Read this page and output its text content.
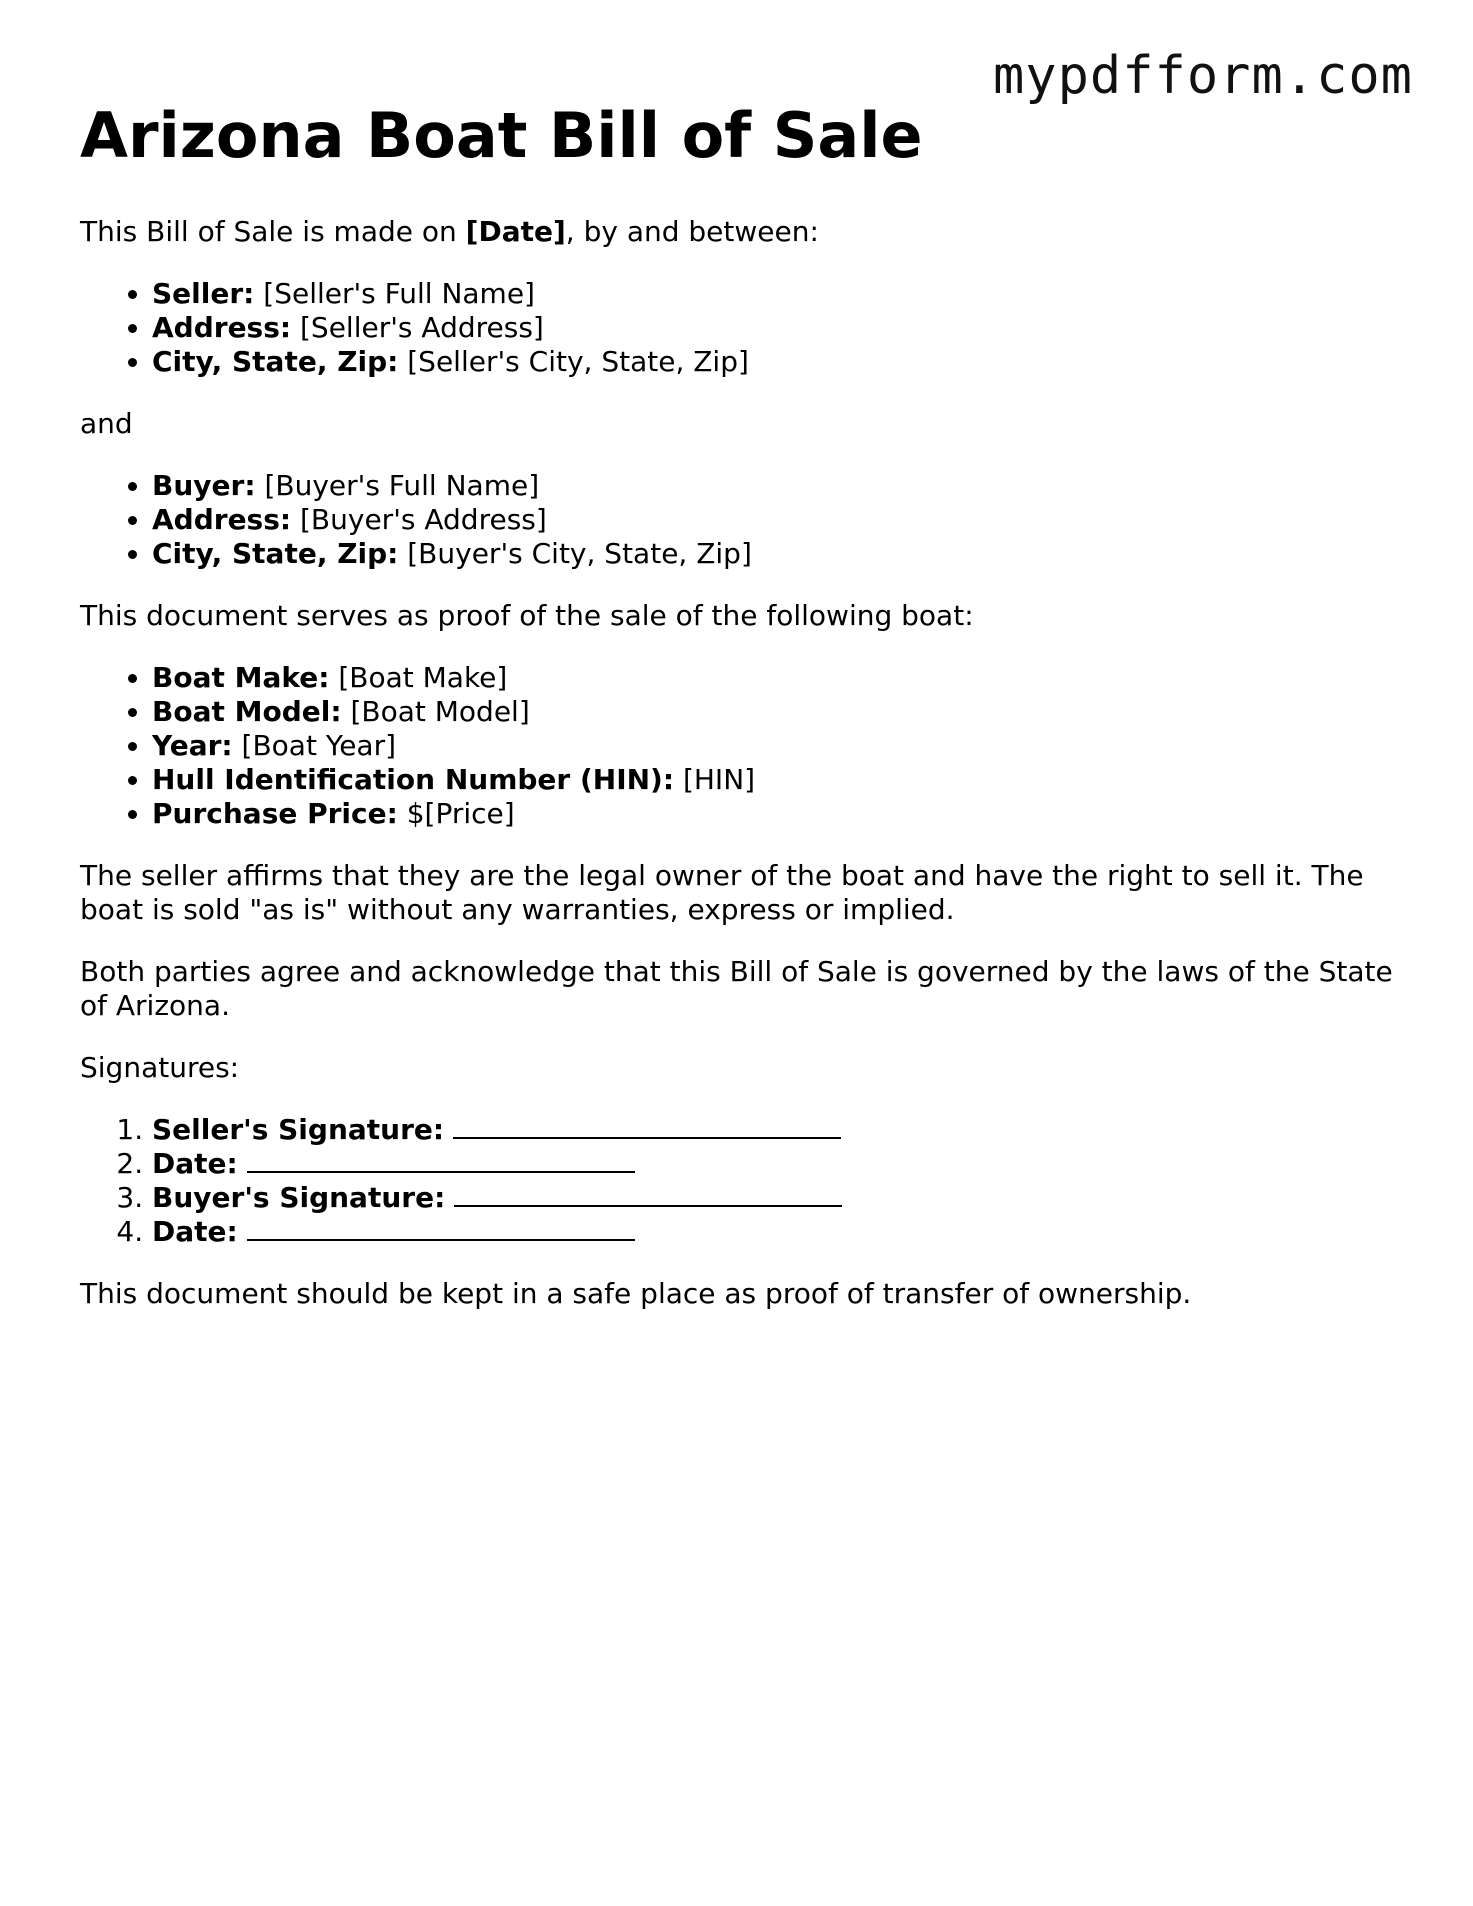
mypdfform.com
Arizona Boat Bill of Sale

This Bill of Sale is made on [Date], by and between:

• Seller: [Seller's Full Name]
• Address: [Seller's Address]
• City, State, Zip: [Seller's City, State, Zip]

and

• Buyer: [Buyer's Full Name]
• Address: [Buyer's Address]
• City, State, Zip: [Buyer's City, State, Zip]

This document serves as proof of the sale of the following boat:

• Boat Make: [Boat Make]
• Boat Model: [Boat Model]
• Year: [Boat Year]
• Hull Identification Number (HIN): [HIN]
• Purchase Price: $[Price]

The seller affirms that they are the legal owner of the boat and have the right to sell it. The boat is sold "as is" without any warranties, express or implied.

Both parties agree and acknowledge that this Bill of Sale is governed by the laws of the State of Arizona.

Signatures:

1. Seller's Signature:
2. Date:
3. Buyer's Signature:
4. Date:

This document should be kept in a safe place as proof of transfer of ownership.
